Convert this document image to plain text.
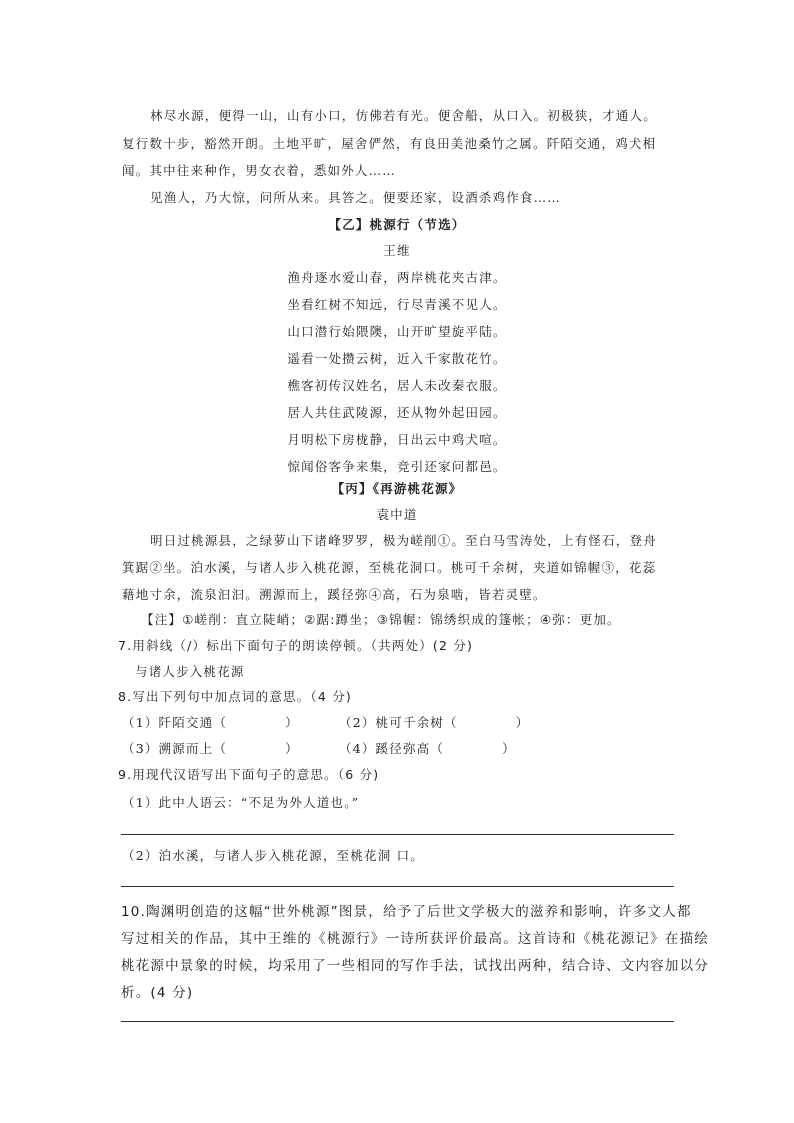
林尽水源，便得一山，山有小口，仿佛若有光。便舍船，从口入。初极狭，才通人。
复行数十步，豁然开朗。土地平旷，屋舍俨然，有良田美池桑竹之属。阡陌交通，鸡犬相
闻。其中往来种作，男女衣着，悉如外人……
见渔人，乃大惊，问所从来。具答之。便要还家，设酒杀鸡作食……
【乙】桃源行（节选）
王维
渔舟逐水爱山春，两岸桃花夹古津。
坐看红树不知远，行尽青溪不见人。
山口潜行始隈隩，山开旷望旋平陆。
遥看一处攒云树，近入千家散花竹。
樵客初传汉姓名，居人未改秦衣服。
居人共住武陵源，还从物外起田园。
月明松下房栊静，日出云中鸡犬喧。
惊闻俗客争来集，竞引还家问都邑。
【丙】《再游桃花源》
袁中道
明日过桃源县，之绿萝山下诸峰罗罗，极为嵯削①。至白马雪涛处，上有怪石，登舟
箕踞②坐。泊水溪，与诸人步入桃花源，至桃花洞口。桃可千余树，夹道如锦幄③，花蕊
藉地寸余，流泉汩汩。溯源而上，蹊径弥④高，石为泉啮，皆若灵壁。
【注】①嵯削：直立陡峭；②踞:蹲坐；③锦幄：锦绣织成的篷帐；④弥：更加。
7.用斜线（/）标出下面句子的朗读停顿。（共两处）(2 分)
与诸人步入桃花源
8.写出下列句中加点词的意思。（4 分)
（1）阡陌交通（	）	（2）桃可千余树（	）
（3）溯源而上（	）	（4）蹊径弥高（	）
9.用现代汉语写出下面句子的意思。（6 分)
（1）此中人语云：“不足为外人道也。”
（2）泊水溪，与诸人步入桃花源，至桃花洞 口。
10.陶渊明创造的这幅“世外桃源”图景，给予了后世文学极大的滋养和影响，许多文人都
写过相关的作品，其中王维的《桃源行》一诗所获评价最高。这首诗和《桃花源记》在描绘
桃花源中景象的时候，均采用了一些相同的写作手法，试找出两种，结合诗、文内容加以分
析。(4 分)
